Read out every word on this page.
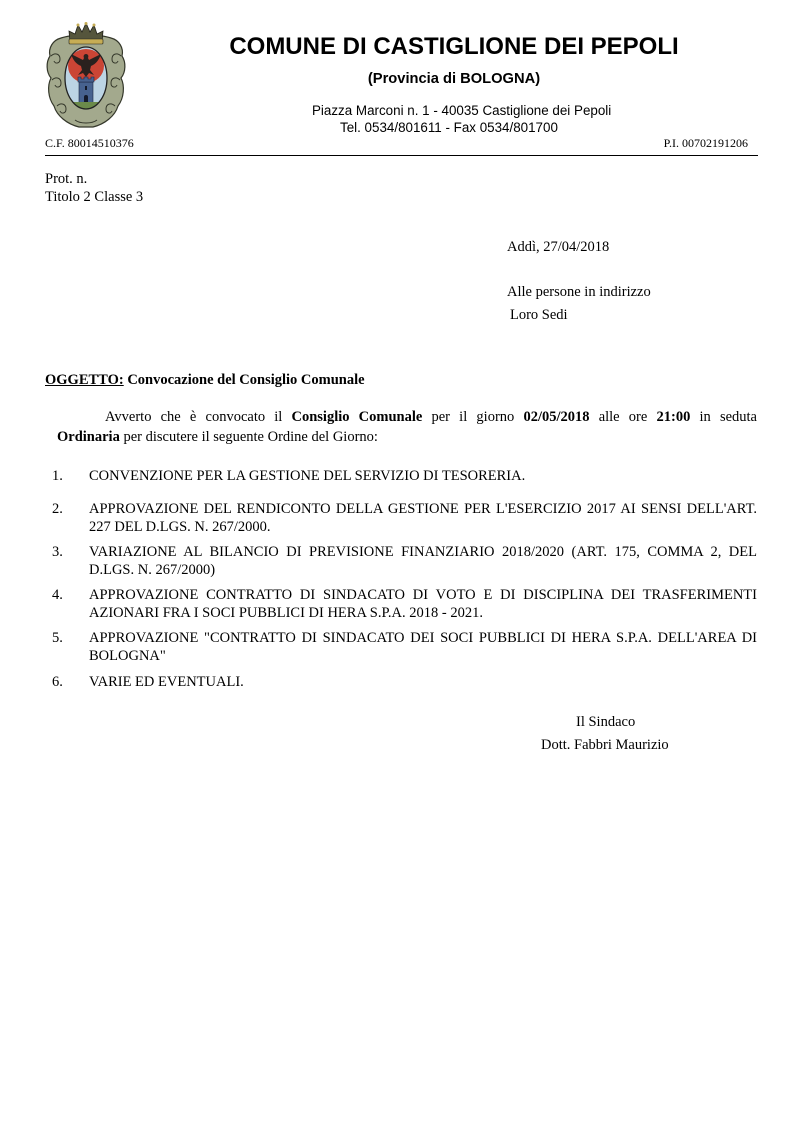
COMUNE DI CASTIGLIONE DEI PEPOLI
(Provincia di BOLOGNA)
Piazza Marconi n. 1 - 40035 Castiglione dei Pepoli
Tel. 0534/801611 - Fax 0534/801700
C.F. 80014510376	P.I. 00702191206
Prot. n.
Titolo 2 Classe 3
Addì, 27/04/2018
Alle persone in indirizzo
Loro Sedi
OGGETTO: Convocazione del Consiglio Comunale
Avverto che è convocato il Consiglio Comunale per il giorno 02/05/2018 alle ore 21:00 in seduta
Ordinaria per discutere il seguente Ordine del Giorno:
1. CONVENZIONE PER LA GESTIONE DEL SERVIZIO DI TESORERIA.
2. APPROVAZIONE DEL RENDICONTO DELLA GESTIONE PER L'ESERCIZIO 2017 AI SENSI DELL'ART. 227 DEL D.LGS. N. 267/2000.
3. VARIAZIONE AL BILANCIO DI PREVISIONE FINANZIARIO 2018/2020 (ART. 175, COMMA 2, DEL D.LGS. N. 267/2000)
4. APPROVAZIONE CONTRATTO DI SINDACATO DI VOTO E DI DISCIPLINA DEI TRASFERIMENTI AZIONARI FRA I SOCI PUBBLICI DI HERA S.P.A. 2018 - 2021.
5. APPROVAZIONE "CONTRATTO DI SINDACATO DEI SOCI PUBBLICI DI HERA S.P.A. DELL'AREA DI BOLOGNA"
6. VARIE ED EVENTUALI.
Il Sindaco
Dott. Fabbri Maurizio
